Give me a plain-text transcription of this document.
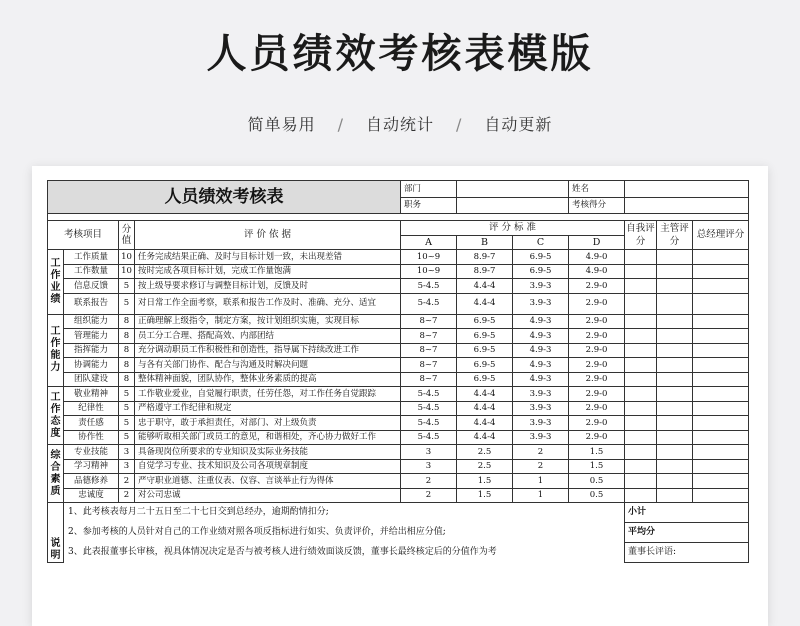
人员绩效考核表模版
简单易用 / 自动统计 / 自动更新
人员绩效考核表				部门			姓名			
				职务			考核得分			

考核项目		分值	评 价 依 据	评 分 标 准				自我评分	主管评分	总经理评分
				A	B	C	D			

工作业绩	工作质量	10	任务完成结果正确、及时与目标计划一致，未出现差错	10~9	8.9-7	6.9-5	4.9-0			
	工作数量	10	按时完成各项目标计划，完成工作量饱满	10~9	8.9-7	6.9-5	4.9-0			
	信息反馈	5	按上级导要求修订与调整目标计划，反馈及时	5-4.5	4.4-4	3.9-3	2.9-0			
	联系报告	5	对日常工作全面考察，联系和报告工作及时、准确、充分、适宜	5-4.5	4.4-4	3.9-3	2.9-0			

工作能力	组织能力	8	正确理解上级指令，制定方案，按计划组织实施，实现目标	8~7	6.9-5	4.9-3	2.9-0			
	管理能力	8	员工分工合理、搭配高效、内部团结	8~7	6.9-5	4.9-3	2.9-0			
	指挥能力	8	充分调动职员工作积极性和创造性，指导属下持续改进工作	8~7	6.9-5	4.9-3	2.9-0			
	协调能力	8	与各有关部门协作、配合与沟通及时解决问题	8~7	6.9-5	4.9-3	2.9-0			
	团队建设	8	整体精神面貌，团队协作，整体业务素质的提高	8~7	6.9-5	4.9-3	2.9-0			

工作态度	敬业精神	5	工作敬业爱业，自觉履行职责，任劳任怨，对工作任务自觉跟踪	5-4.5	4.4-4	3.9-3	2.9-0			
	纪律性	5	严格遵守工作纪律和规定	5-4.5	4.4-4	3.9-3	2.9-0			
	责任感	5	忠于职守，敢于承担责任，对部门、对上级负责	5-4.5	4.4-4	3.9-3	2.9-0			
	协作性	5	能够听取相关部门或员工的意见，和谐相处，齐心协力做好工作	5-4.5	4.4-4	3.9-3	2.9-0			

综合素质	专业技能	3	具备现岗位所要求的专业知识及实际业务技能	3	2.5	2	1.5			
	学习精神	3	自觉学习专业、技术知识及公司各项规章制度	3	2.5	2	1.5			
	品德修养	2	严守职业道德、注重仪表、仪容、言谈举止行为得体	2	1.5	1	0.5			
	忠诚度	2	对公司忠诚	2	1.5	1	0.5			

说明	1、此考核表每月二十五日至二十七日交到总经办，逾期酌情扣分;							小计		
	2、参加考核的人员针对自己的工作业绩对照各项反指标进行如实、负责评价，并给出相应分值;							平均分		
	3、此表报董事长审核，视具体情况决定是否与被考核人进行绩效面谈反馈，董事长最终核定后的分值作为考							董事长评语:		
